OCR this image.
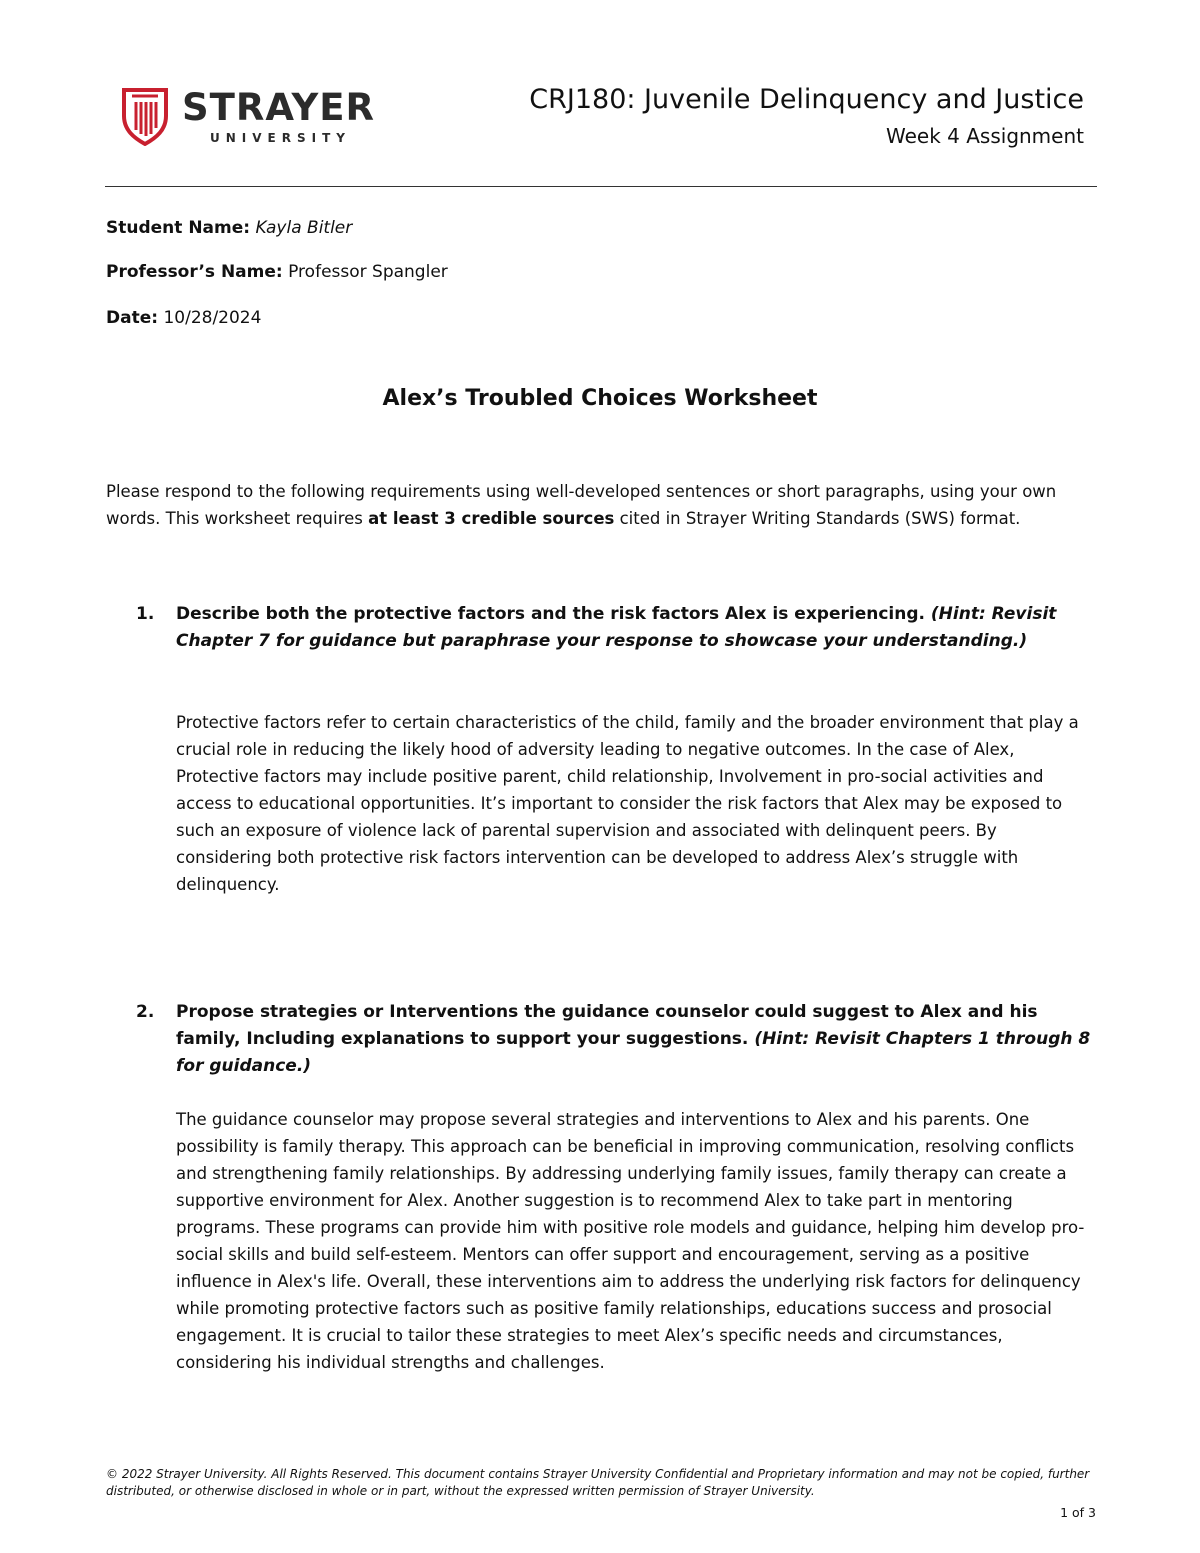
STRAYER
UNIVERSITY
CRJ180: Juvenile Delinquency and Justice
Week 4 Assignment
Student Name: Kayla Bitler
Professor’s Name: Professor Spangler
Date: 10/28/2024
Alex’s Troubled Choices Worksheet
Please respond to the following requirements using well-developed sentences or short paragraphs, using your own words. This worksheet requires at least 3 credible sources cited in Strayer Writing Standards (SWS) format.
1. Describe both the protective factors and the risk factors Alex is experiencing. (Hint: Revisit Chapter 7 for guidance but paraphrase your response to showcase your understanding.)
Protective factors refer to certain characteristics of the child, family and the broader environment that play a crucial role in reducing the likely hood of adversity leading to negative outcomes. In the case of Alex, Protective factors may include positive parent, child relationship, Involvement in pro-social activities and access to educational opportunities. It’s important to consider the risk factors that Alex may be exposed to such an exposure of violence lack of parental supervision and associated with delinquent peers. By considering both protective risk factors intervention can be developed to address Alex’s struggle with delinquency.
2. Propose strategies or Interventions the guidance counselor could suggest to Alex and his family, Including explanations to support your suggestions. (Hint: Revisit Chapters 1 through 8 for guidance.)
The guidance counselor may propose several strategies and interventions to Alex and his parents. One possibility is family therapy. This approach can be beneficial in improving communication, resolving conflicts and strengthening family relationships. By addressing underlying family issues, family therapy can create a supportive environment for Alex. Another suggestion is to recommend Alex to take part in mentoring programs. These programs can provide him with positive role models and guidance, helping him develop pro-social skills and build self-esteem. Mentors can offer support and encouragement, serving as a positive influence in Alex's life. Overall, these interventions aim to address the underlying risk factors for delinquency while promoting protective factors such as positive family relationships, educations success and prosocial engagement. It is crucial to tailor these strategies to meet Alex’s specific needs and circumstances, considering his individual strengths and challenges.
© 2022 Strayer University. All Rights Reserved. This document contains Strayer University Confidential and Proprietary information and may not be copied, further distributed, or otherwise disclosed in whole or in part, without the expressed written permission of Strayer University.
1 of 3
